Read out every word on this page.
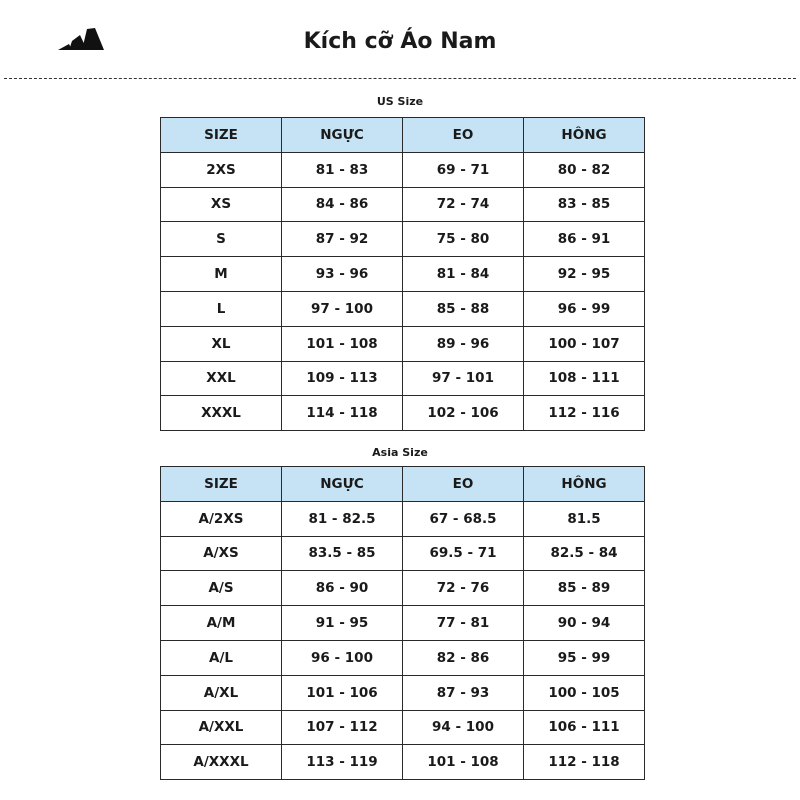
Kích cỡ Áo Nam
US Size
SIZE	NGỰC	EO	HÔNG
2XS	81 - 83	69 - 71	80 - 82
XS	84 - 86	72 - 74	83 - 85
S	87 - 92	75 - 80	86 - 91
M	93 - 96	81 - 84	92 - 95
L	97 - 100	85 - 88	96 - 99
XL	101 - 108	89 - 96	100 - 107
XXL	109 - 113	97 - 101	108 - 111
XXXL	114 - 118	102 - 106	112 - 116
Asia Size
SIZE	NGỰC	EO	HÔNG
A/2XS	81 - 82.5	67 - 68.5	81.5
A/XS	83.5 - 85	69.5 - 71	82.5 - 84
A/S	86 - 90	72 - 76	85 - 89
A/M	91 - 95	77 - 81	90 - 94
A/L	96 - 100	82 - 86	95 - 99
A/XL	101 - 106	87 - 93	100 - 105
A/XXL	107 - 112	94 - 100	106 - 111
A/XXXL	113 - 119	101 - 108	112 - 118
